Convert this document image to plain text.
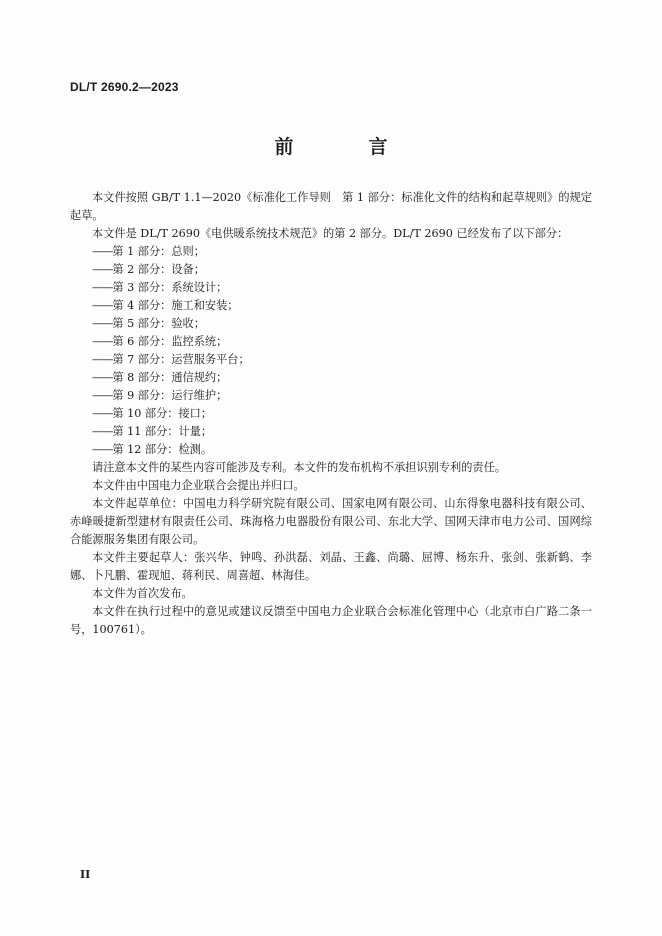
DL/T 2690.2—2023
前　言

本文件按照 GB/T 1.1—2020《标准化工作导则　第 1 部分：标准化文件的结构和起草规则》的规定起草。

本文件是 DL/T 2690《电供暖系统技术规范》的第 2 部分。DL/T 2690 已经发布了以下部分：

——第 1 部分：总则；
——第 2 部分：设备；
——第 3 部分：系统设计；
——第 4 部分：施工和安装；
——第 5 部分：验收；
——第 6 部分：监控系统；
——第 7 部分：运营服务平台；
——第 8 部分：通信规约；
——第 9 部分：运行维护；
——第 10 部分：接口；
——第 11 部分：计量；
——第 12 部分：检测。

请注意本文件的某些内容可能涉及专利。本文件的发布机构不承担识别专利的责任。

本文件由中国电力企业联合会提出并归口。

本文件起草单位：中国电力科学研究院有限公司、国家电网有限公司、山东得象电器科技有限公司、赤峰暖捷新型建材有限责任公司、珠海格力电器股份有限公司、东北大学、国网天津市电力公司、国网综合能源服务集团有限公司。

本文件主要起草人：张兴华、钟鸣、孙洪磊、刘晶、王鑫、尚璐、屈博、杨东升、张剑、张新鹤、李娜、卜凡鹏、霍现旭、蒋利民、周喜超、林海佳。

本文件为首次发布。

本文件在执行过程中的意见或建议反馈至中国电力企业联合会标准化管理中心（北京市白广路二条一号，100761）。

II
